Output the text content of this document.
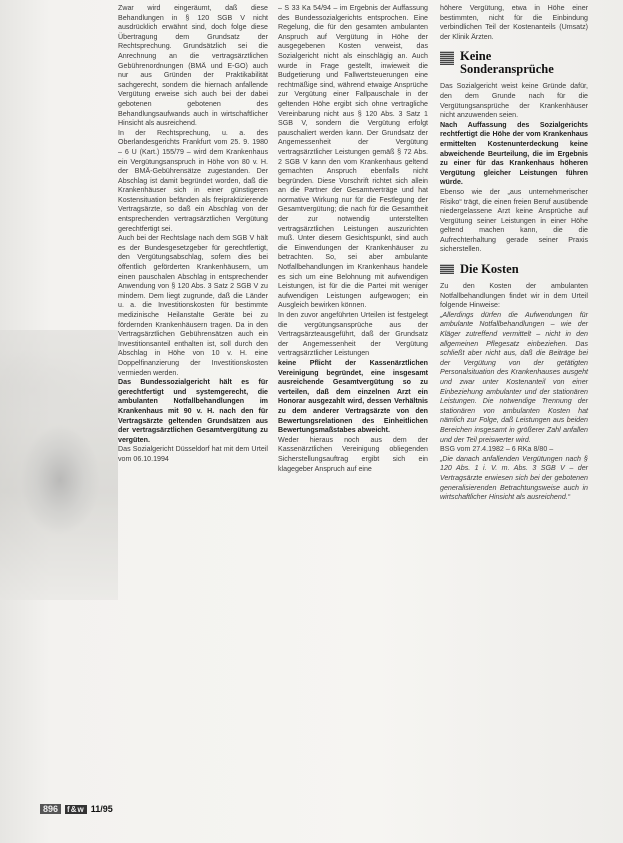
Zwar wird eingeräumt, daß diese Behandlungen in § 120 SGB V nicht ausdrücklich erwähnt sind, doch folge diese Übertragung dem Grundsatz der Rechtsprechung. Grundsätzlich sei die Anrechnung an die vertragsärztlichen Gebührenordnungen (BMÄ und E-GO) auch nur aus Gründen der Praktikabilität sachgerecht, sondern die hiernach anfallende Vergütung erweise sich auch bei der dabei gebotenen gebotenen des Behandlungsaufwands auch in wirtschaftlicher Hinsicht als ausreichend.

In der Rechtsprechung, u. a. des Oberlandesgerichts Frankfurt vom 25. 9. 1980 – 6 U (Kart.) 155/79 – wird dem Krankenhaus ein Vergütungsanspruch in Höhe von 80 v. H. der BMÄ-Gebührensätze zugestanden. Der Abschlag ist damit begründet worden, daß die Krankenhäuser sich in einer günstigeren Kostensituation befänden als freipraktizierende Vertragsärzte, so daß ein Abschlag von der entsprechenden vertragsärztlichen Vergütung gerechtfertigt sei.

Auch bei der Rechtslage nach dem SGB V hält es der Bundesgesetzgeber für gerechtfertigt, den Vergütungsabschlag, sofern dies bei öffentlich geförderten Krankenhäusern, um einen pauschalen Abschlag in entsprechender Anwendung von § 120 Abs. 3 Satz 2 SGB V zu mindern. Dem liegt zugrunde, daß die Länder u. a. die Investitionskosten für bestimmte medizinische Heilanstalte Geräte bei zu fördernden Krankenhäusern tragen. Da in den Vertragsärztlichen Gebührensätzen auch ein Investitionsanteil enthalten ist, soll durch den Abschlag in Höhe von 10 v. H. eine Doppelfinanzierung der Investitionskosten vermieden werden.

Das Bundessozialgericht hält es für gerechtfertigt und systemgerecht, die ambulanten Notfallbehandlungen im Krankenhaus mit 90 v. H. nach den für Vertragsärzte geltenden Grundsätzen aus der vertragsärztlichen Gesamtvergütung zu vergüten.

Das Sozialgericht Düsseldorf hat mit dem Urteil vom 06.10.1994

– S 33 Ka 54/94 – im Ergebnis der Auffassung des Bundessozialgerichts entsprochen. Eine Regelung, die für den gesamten ambulanten Anspruch auf Vergütung in Höhe der ausgegebenen Kosten verweist, das Sozialgericht nicht als einschlägig an. Auch wurde in Frage gestellt, inwieweit die Budgetierung und Fallwertsteuerungen eine rechtmäßige sind, während etwaige Ansprüche zur Vergütung einer Fallpauschale in der geltenden Höhe ergibt sich ohne vertragliche Vereinbarung nicht aus § 120 Abs. 3 Satz 1 SGB V, sondern die Vergütung erfolgt pauschaliert werden kann. Der Grundsatz der Angemessenheit der Vergütung vertragsärztlicher Leistungen gemäß § 72 Abs. 2 SGB V kann den vom Krankenhaus geltend gemachten Anspruch ebenfalls nicht begründen. Diese Vorschrift richtet sich allein an die Partner der Gesamtverträge und hat normative Wirkung nur für die Festlegung der Gesamtvergütung; die nach für die Gesamtheit der zur notwendig unterstellten vertragsärztlichen Leistungen auszurichten muß. Unter diesem Gesichtspunkt, sind auch die Einwendungen der Krankenhäuser zu betrachten. So, sei aber ambulante Notfallbehandlungen im Krankenhaus handele es sich um eine Belohnung mit aufwendigen Leistungen, ist für die die Partei mit weniger aufwendigen Leistungen aufgewogen; ein Ausgleich bewirken können.

In den zuvor angeführten Urteilen ist festgelegt die vergütungsansprüche aus der Vertragsärzteausgeführt, daß der Grundsatz der Angemessenheit der Vergütung vertragsärztlicher Leistungen

keine Pflicht der Kassenärztlichen Vereinigung begründet, eine insgesamt ausreichende Gesamtvergütung so zu verteilen, daß dem einzelnen Arzt ein Honorar ausgezahlt wird, dessen Verhältnis zu dem anderer Vertragsärzte von den Bewertungsrelationen des Einheitlichen Bewertungsmaßstabes abweicht.

Weder hieraus noch aus dem der Kassenärztlichen Vereinigung obliegenden Sicherstellungsauftrag ergibt sich ein klagegeber Anspruch auf eine

höhere Vergütung, etwa in Höhe einer bestimmten, nicht für die Einbindung verbindlichen Teil der Kostenanteils (Umsatz) der Klinik Ärzten.

Keine Sonderansprüche

Das Sozialgericht weist keine Gründe dafür, den dem Grunde nach für die Vergütungsansprüche der Krankenhäuser nicht anzuwenden seien.

Nach Auffassung des Sozialgerichts rechtfertigt die Höhe der vom Krankenhaus ermittelten Kostenunterdeckung keine abweichende Beurteilung, die im Ergebnis zu einer für das Krankenhaus höheren Vergütung gleicher Leistungen führen würde.

Ebenso wie der „aus unternehmerischer Risiko“ trägt, die einen freien Beruf ausübende niedergelassene Arzt keine Ansprüche auf Vergütung seiner Leistungen in einer Höhe geltend machen kann, die die Aufrechterhaltung gerade seiner Praxis sicherstellen.

Die Kosten

Zu den Kosten der ambulanten Notfallbehandlungen findet wir in dem Urteil folgende Hinweise:

„Allerdings dürfen die Aufwendungen für ambulante Notfallbehandlungen – wie der Kläger zutreffend vermittelt – nicht in den allgemeinen Pflegesatz einbeziehen. Das schließt aber nicht aus, daß die Beiträge bei der Vergütung von der getätigten Personalsituation des Krankenhauses ausgeht und zwar unter Kostenanteil von einer Einbeziehung ambulanter und der stationären Leistungen. Die notwendige Trennung der stationären von ambulanten Kosten hat nämlich zur Folge, daß Leistungen aus beiden Bereichen insgesamt in größerer Zahl anfallen und der Teil preiswerter wird.

BSG vom 27.4.1982 – 6 RKa 8/80 –

„Die danach anfallenden Vergütungen nach § 120 Abs. 1 i. V. m. Abs. 3 SGB V – der Vertragsärzte erwiesen sich bei der gebotenen generalisierenden Betrachtungsweise auch in wirtschaftlicher Hinsicht als ausreichend.“

896	f&w 11/95
